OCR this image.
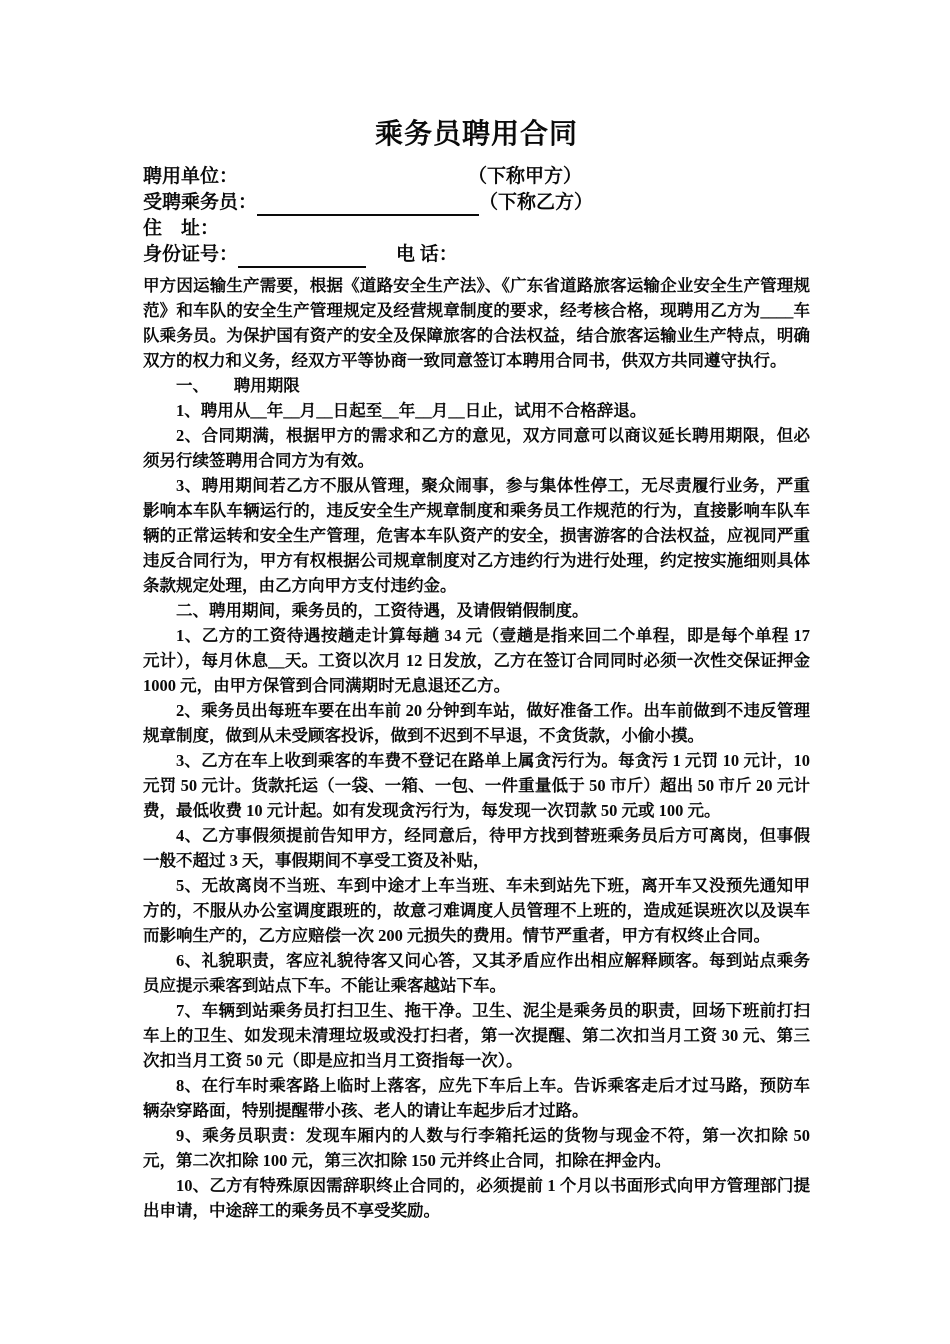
乘务员聘用合同
聘用单位：	（下称甲方）
受聘乘务员：	（下称乙方）
住　址：
身份证号：	电 话：

甲方因运输生产需要，根据《道路安全生产法》、《广东省道路旅客运输企业安全生产管理规范》和车队的安全生产管理规定及经营规章制度的要求，经考核合格，现聘用乙方为____车队乘务员。为保护国有资产的安全及保障旅客的合法权益，结合旅客运输业生产特点，明确双方的权力和义务，经双方平等协商一致同意签订本聘用合同书，供双方共同遵守执行。

一、　　聘用期限

1、聘用从__年__月__日起至__年__月__日止，试用不合格辞退。

2、合同期满，根据甲方的需求和乙方的意见，双方同意可以商议延长聘用期限，但必须另行续签聘用合同方为有效。

3、聘用期间若乙方不服从管理，聚众闹事，参与集体性停工，无尽责履行业务，严重影响本车队车辆运行的，违反安全生产规章制度和乘务员工作规范的行为，直接影响车队车辆的正常运转和安全生产管理，危害本车队资产的安全，损害游客的合法权益，应视同严重违反合同行为，甲方有权根据公司规章制度对乙方违约行为进行处理，约定按实施细则具体条款规定处理，由乙方向甲方支付违约金。

二、聘用期间，乘务员的，工资待遇，及请假销假制度。

1、乙方的工资待遇按趟走计算每趟 34 元（壹趟是指来回二个单程，即是每个单程 17 元计），每月休息__天。工资以次月 12 日发放，乙方在签订合同同时必须一次性交保证押金 1000 元，由甲方保管到合同满期时无息退还乙方。

2、乘务员出每班车要在出车前 20 分钟到车站，做好准备工作。出车前做到不违反管理规章制度，做到从未受顾客投诉，做到不迟到不早退，不贪货款，小偷小摸。

3、乙方在车上收到乘客的车费不登记在路单上属贪污行为。每贪污 1 元罚 10 元计，10 元罚 50 元计。货款托运（一袋、一箱、一包、一件重量低于 50 市斤）超出 50 市斤 20 元计费，最低收费 10 元计起。如有发现贪污行为，每发现一次罚款 50 元或 100 元。

4、乙方事假须提前告知甲方，经同意后，待甲方找到替班乘务员后方可离岗，但事假一般不超过 3 天，事假期间不享受工资及补贴，

5、无故离岗不当班、车到中途才上车当班、车未到站先下班，离开车又没预先通知甲方的，不服从办公室调度跟班的，故意刁难调度人员管理不上班的，造成延误班次以及误车而影响生产的，乙方应赔偿一次 200 元损失的费用。情节严重者，甲方有权终止合同。

6、礼貌职责，客应礼貌待客又问心答，又其矛盾应作出相应解释顾客。每到站点乘务员应提示乘客到站点下车。不能让乘客越站下车。

7、车辆到站乘务员打扫卫生、拖干净。卫生、泥尘是乘务员的职责，回场下班前打扫车上的卫生、如发现未清理垃圾或没打扫者，第一次提醒、第二次扣当月工资 30 元、第三次扣当月工资 50 元（即是应扣当月工资指每一次）。

8、在行车时乘客路上临时上落客，应先下车后上车。告诉乘客走后才过马路，预防车辆杂穿路面，特别提醒带小孩、老人的请让车起步后才过路。

9、乘务员职责：发现车厢内的人数与行李箱托运的货物与现金不符，第一次扣除 50 元，第二次扣除 100 元，第三次扣除 150 元并终止合同，扣除在押金内。

10、乙方有特殊原因需辞职终止合同的，必须提前 1 个月以书面形式向甲方管理部门提出申请，中途辞工的乘务员不享受奖励。
